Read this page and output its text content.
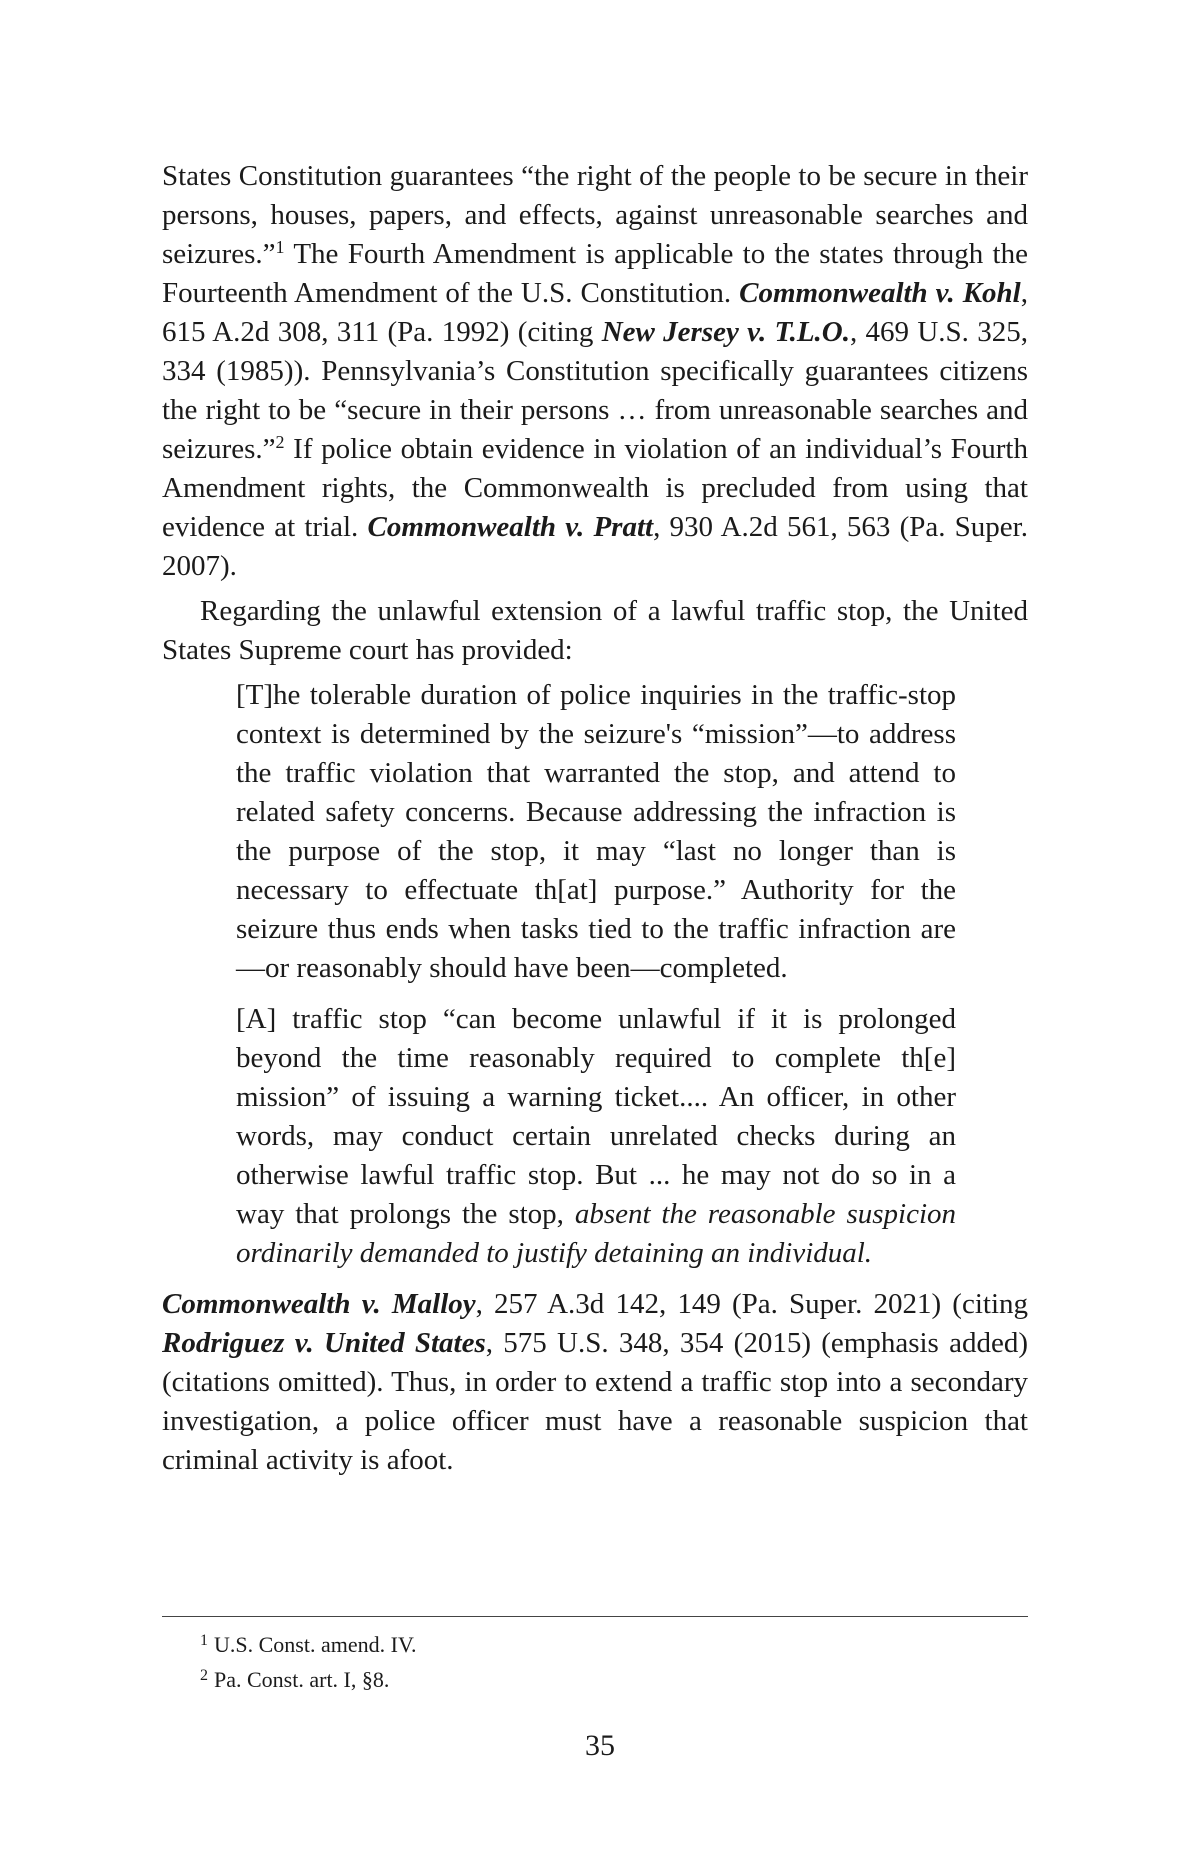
States Constitution guarantees “the right of the people to be secure in their persons, houses, papers, and effects, against unreasonable searches and seizures.”$^1$ The Fourth Amendment is applicable to the states through the Fourteenth Amendment of the U.S. Constitution. Commonwealth v. Kohl, 615 A.2d 308, 311 (Pa. 1992) (citing New Jersey v. T.L.O., 469 U.S. 325, 334 (1985)). Pennsylvania’s Constitution specifically guarantees citizens the right to be “secure in their persons … from unreasonable searches and seizures.”$^2$ If police obtain evidence in violation of an individual’s Fourth Amendment rights, the Commonwealth is precluded from using that evidence at trial. Commonwealth v. Pratt, 930 A.2d 561, 563 (Pa. Super. 2007).

Regarding the unlawful extension of a lawful traffic stop, the United States Supreme court has provided:

[T]he tolerable duration of police inquiries in the traffic-stop context is determined by the seizure's “mission”—to address the traffic violation that warranted the stop, and attend to related safety concerns. Because addressing the infraction is the purpose of the stop, it may “last no longer than is necessary to effectuate th[at] purpose.” Authority for the seizure thus ends when tasks tied to the traffic infraction are—or reasonably should have been—completed.

[A] traffic stop “can become unlawful if it is prolonged beyond the time reasonably required to complete th[e] mission” of issuing a warning ticket.... An officer, in other words, may conduct certain unrelated checks during an otherwise lawful traffic stop. But ... he may not do so in a way that prolongs the stop, absent the reasonable suspicion ordinarily demanded to justify detaining an individual.

Commonwealth v. Malloy, 257 A.3d 142, 149 (Pa. Super. 2021) (citing Rodriguez v. United States, 575 U.S. 348, 354 (2015) (emphasis added) (citations omitted). Thus, in order to extend a traffic stop into a secondary investigation, a police officer must have a reasonable suspicion that criminal activity is afoot.

$^1$ U.S. Const. amend. IV.
$^2$ Pa. Const. art. I, §8.
35
